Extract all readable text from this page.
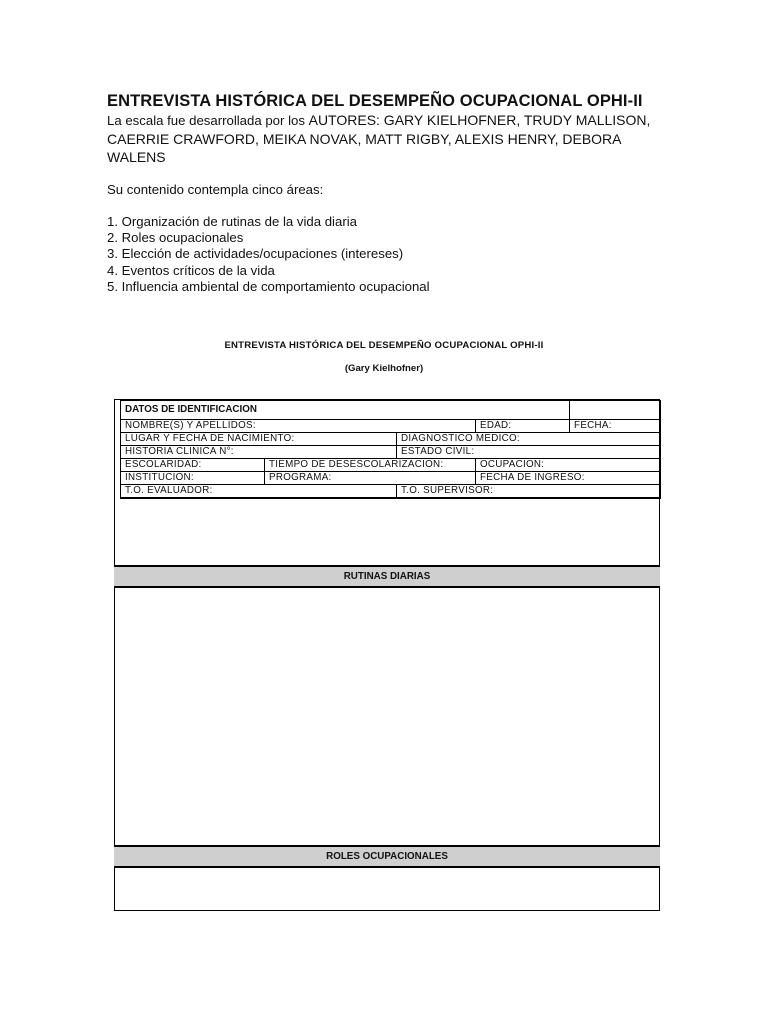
ENTREVISTA HISTÓRICA DEL DESEMPEÑO OCUPACIONAL OPHI-II

La escala fue desarrollada por los AUTORES: GARY KIELHOFNER, TRUDY MALLISON, CAERRIE CRAWFORD, MEIKA NOVAK, MATT RIGBY, ALEXIS HENRY, DEBORA WALENS

Su contenido contempla cinco áreas:

1. Organización de rutinas de la vida diaria
2. Roles ocupacionales
3. Elección de actividades/ocupaciones (intereses)
4. Eventos críticos de la vida
5. Influencia ambiental de comportamiento ocupacional
ENTREVISTA HISTÓRICA DEL DESEMPEÑO OCUPACIONAL OPHI-II
(Gary Kielhofner)
DATOS DE IDENTIFICACION				
NOMBRE(S) Y APELLIDOS:			EDAD:	FECHA:
LUGAR Y FECHA DE NACIMIENTO:		DIAGNOSTICO MEDICO:		
HISTORIA CLINICA N°:		ESTADO CIVIL:		
ESCOLARIDAD:	TIEMPO DE DESESCOLARIZACION:		OCUPACION:	
INSTITUCION:	PROGRAMA:		FECHA DE INGRESO:	
T.O. EVALUADOR:		T.O. SUPERVISOR:		
RUTINAS DIARIAS
ROLES OCUPACIONALES
